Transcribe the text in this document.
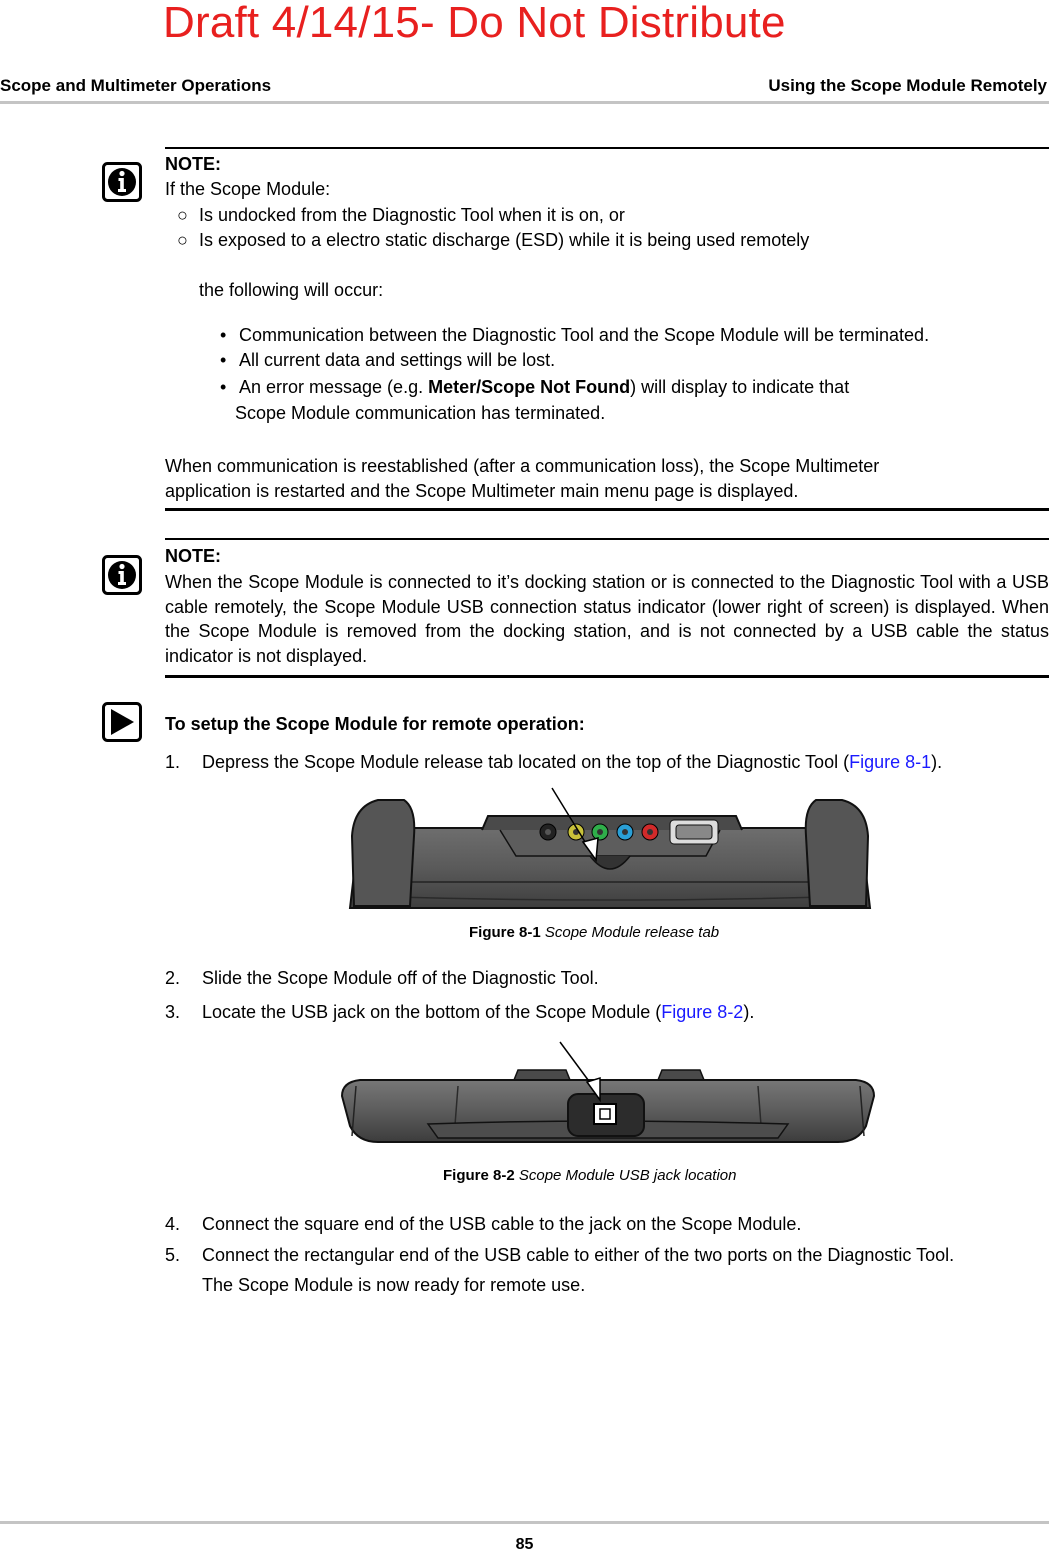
Draft 4/14/15- Do Not Distribute
Scope and Multimeter Operations	Using the Scope Module Remotely
NOTE:
If the Scope Module:
○ Is undocked from the Diagnostic Tool when it is on, or
○ Is exposed to a electro static discharge (ESD) while it is being used remotely
the following will occur:
• Communication between the Diagnostic Tool and the Scope Module will be terminated.
• All current data and settings will be lost.
• An error message (e.g. Meter/Scope Not Found) will display to indicate that
Scope Module communication has terminated.
When communication is reestablished (after a communication loss), the Scope Multimeter
application is restarted and the Scope Multimeter main menu page is displayed.
NOTE:
When the Scope Module is connected to it’s docking station or is connected to the Diagnostic Tool with a USB cable remotely, the Scope Module USB connection status indicator (lower right of screen) is displayed. When the Scope Module is removed from the docking station, and is not connected by a USB cable the status indicator is not displayed.
To setup the Scope Module for remote operation:
1. Depress the Scope Module release tab located on the top of the Diagnostic Tool (Figure 8-1).
Figure 8-1 Scope Module release tab
2. Slide the Scope Module off of the Diagnostic Tool.
3. Locate the USB jack on the bottom of the Scope Module (Figure 8-2).
Figure 8-2 Scope Module USB jack location
4. Connect the square end of the USB cable to the jack on the Scope Module.
5. Connect the rectangular end of the USB cable to either of the two ports on the Diagnostic Tool.
The Scope Module is now ready for remote use.
85
